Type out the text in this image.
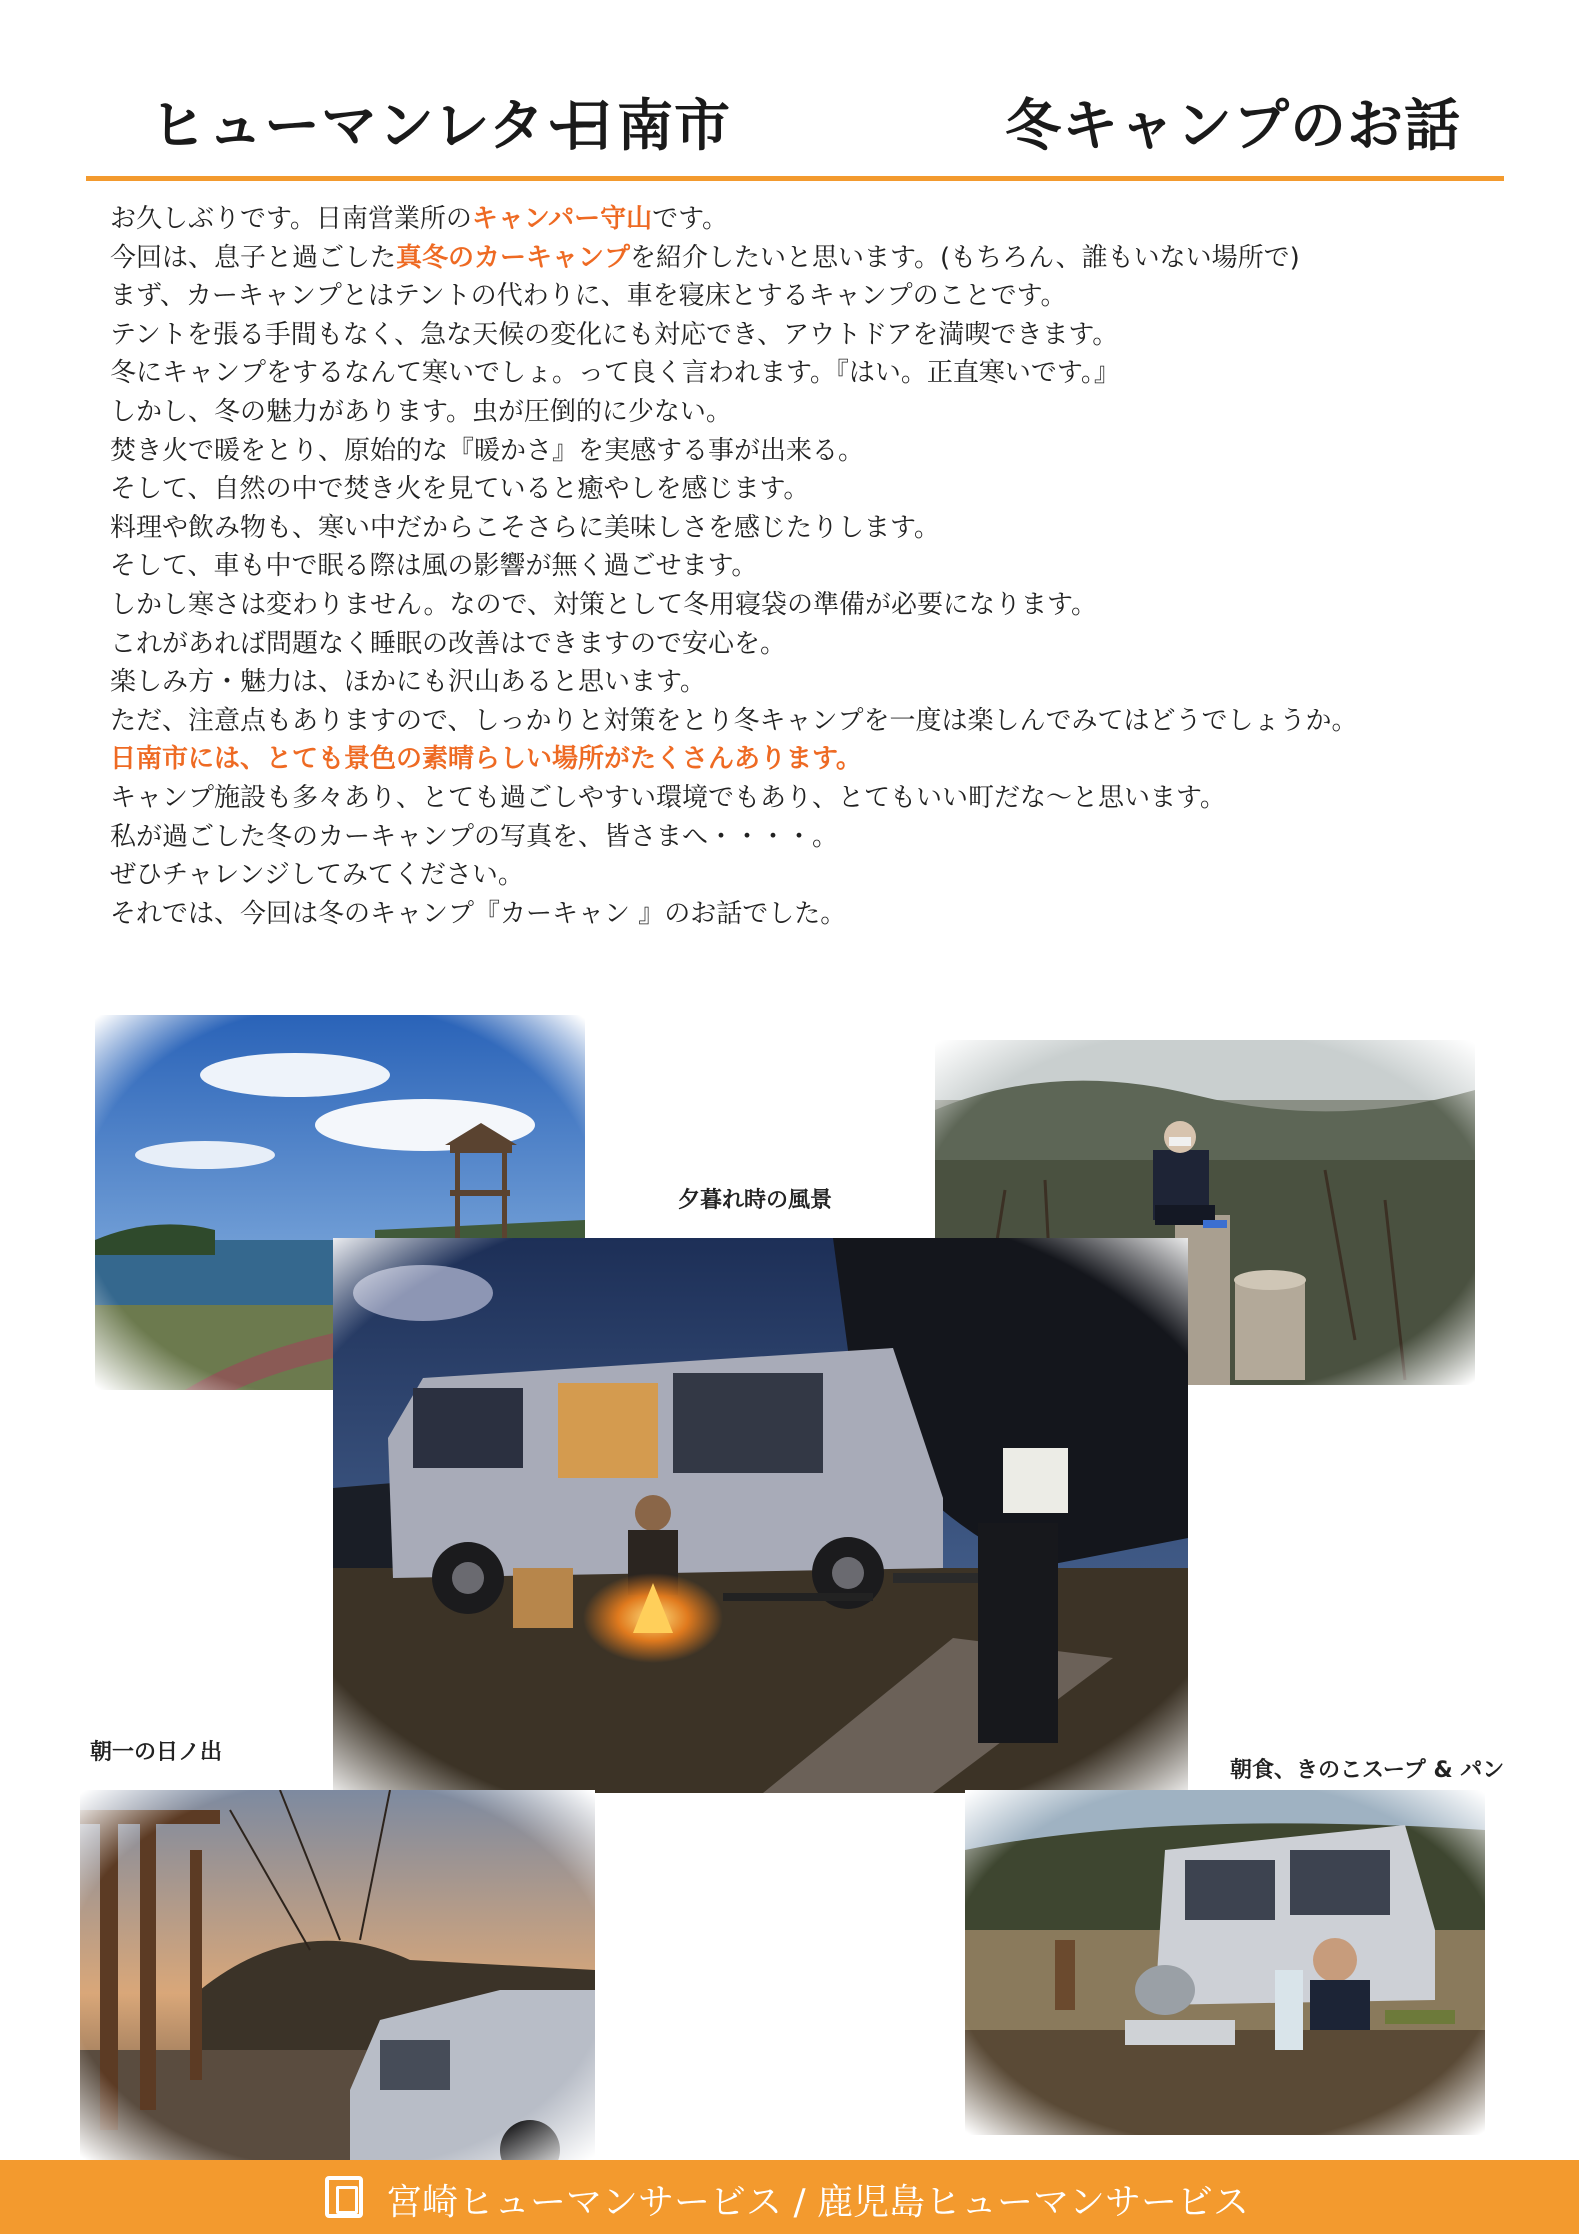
ヒューマンレター
日南市	冬キャンプのお話

お久しぶりです。日南営業所のキャンパー守山です。

今回は、息子と過ごした真冬のカーキャンプを紹介したいと思います。(もちろん、誰もいない場所で)

まず、カーキャンプとはテントの代わりに、車を寝床とするキャンプのことです。

テントを張る手間もなく、急な天候の変化にも対応でき、アウトドアを満喫できます。

冬にキャンプをするなんて寒いでしょ。って良く言われます。『はい。正直寒いです。』

しかし、冬の魅力があります。虫が圧倒的に少ない。

焚き火で暖をとり、原始的な『暖かさ』を実感する事が出来る。

そして、自然の中で焚き火を見ていると癒やしを感じます。

料理や飲み物も、寒い中だからこそさらに美味しさを感じたりします。

そして、車も中で眠る際は風の影響が無く過ごせます。

しかし寒さは変わりません。なので、対策として冬用寝袋の準備が必要になります。

これがあれば問題なく睡眠の改善はできますので安心を。

楽しみ方・魅力は、ほかにも沢山あると思います。

ただ、注意点もありますので、しっかりと対策をとり冬キャンプを一度は楽しんでみてはどうでしょうか。

日南市には、とても景色の素晴らしい場所がたくさんあります。

キャンプ施設も多々あり、とても過ごしやすい環境でもあり、とてもいい町だな～と思います。

私が過ごした冬のカーキャンプの写真を、皆さまへ・・・・。

ぜひチャレンジしてみてください。

それでは、今回は冬のキャンプ『カーキャン 』のお話でした。

夕暮れ時の風景
朝一の日ノ出
朝食、きのこスープ & パン
宮崎ヒューマンサービス / 鹿児島ヒューマンサービス
